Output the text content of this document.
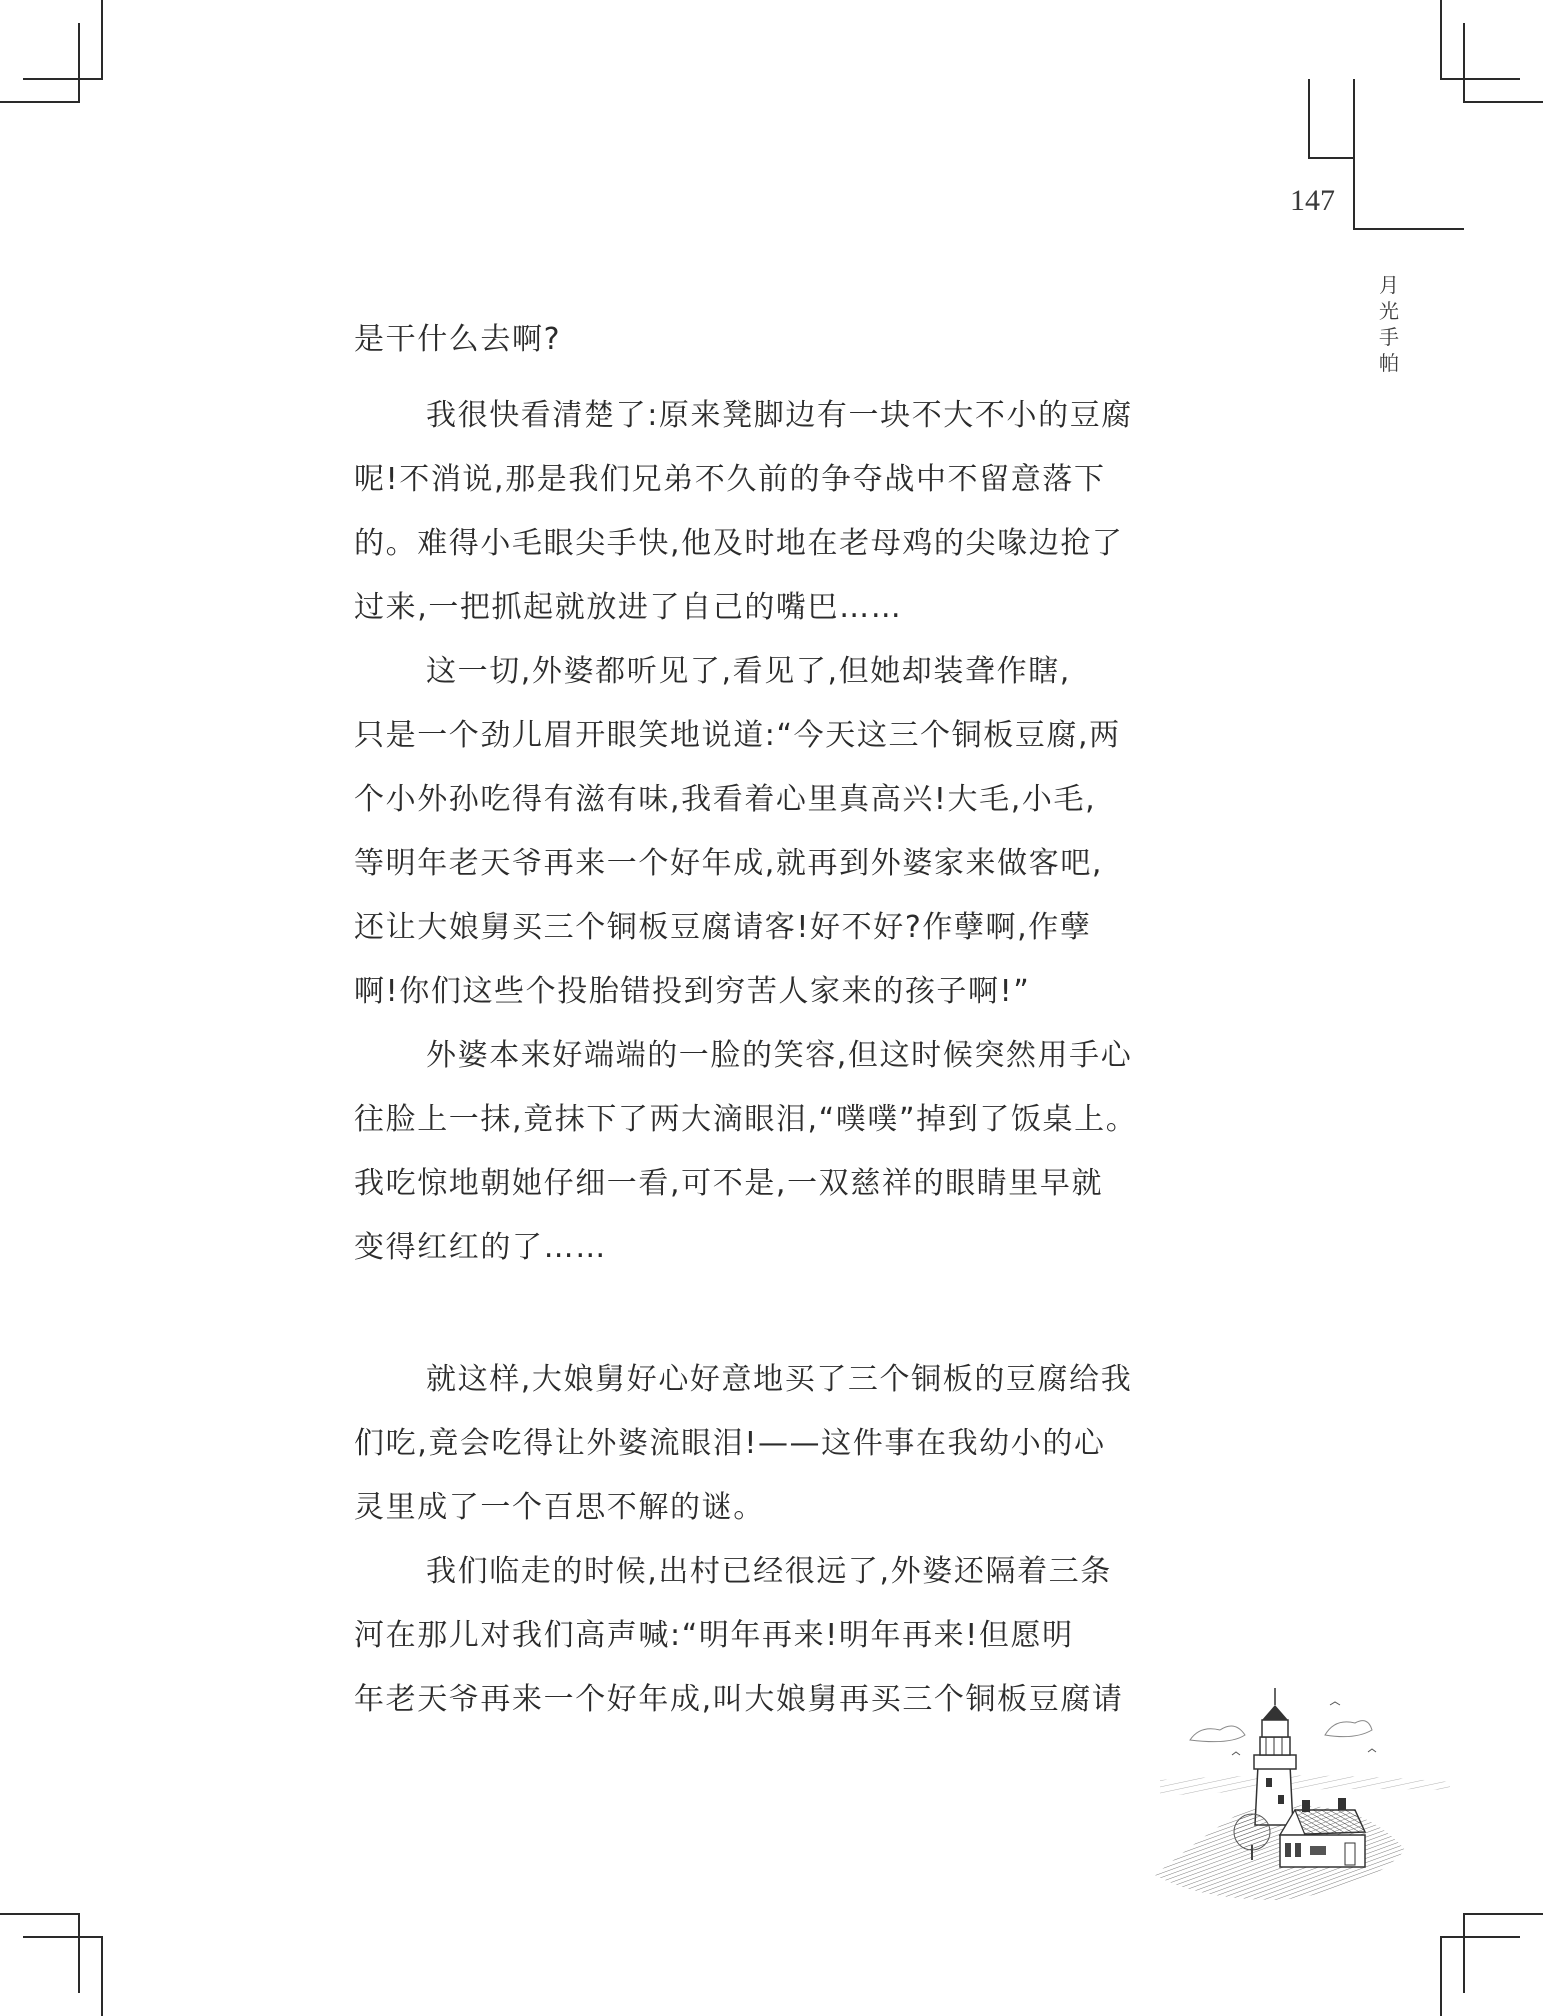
147
月
光
手
帕
是干什么去啊?
我很快看清楚了:原来凳脚边有一块不大不小的豆腐
呢!不消说,那是我们兄弟不久前的争夺战中不留意落下
的。难得小毛眼尖手快,他及时地在老母鸡的尖喙边抢了
过来,一把抓起就放进了自己的嘴巴……
这一切,外婆都听见了,看见了,但她却装聋作瞎,
只是一个劲儿眉开眼笑地说道:“今天这三个铜板豆腐,两
个小外孙吃得有滋有味,我看着心里真高兴!大毛,小毛,
等明年老天爷再来一个好年成,就再到外婆家来做客吧,
还让大娘舅买三个铜板豆腐请客!好不好?作孽啊,作孽
啊!你们这些个投胎错投到穷苦人家来的孩子啊!”
外婆本来好端端的一脸的笑容,但这时候突然用手心
往脸上一抹,竟抹下了两大滴眼泪,“噗噗”掉到了饭桌上。
我吃惊地朝她仔细一看,可不是,一双慈祥的眼睛里早就
变得红红的了……
就这样,大娘舅好心好意地买了三个铜板的豆腐给我
们吃,竟会吃得让外婆流眼泪!——这件事在我幼小的心
灵里成了一个百思不解的谜。
我们临走的时候,出村已经很远了,外婆还隔着三条
河在那儿对我们高声喊:“明年再来!明年再来!但愿明
年老天爷再来一个好年成,叫大娘舅再买三个铜板豆腐请
